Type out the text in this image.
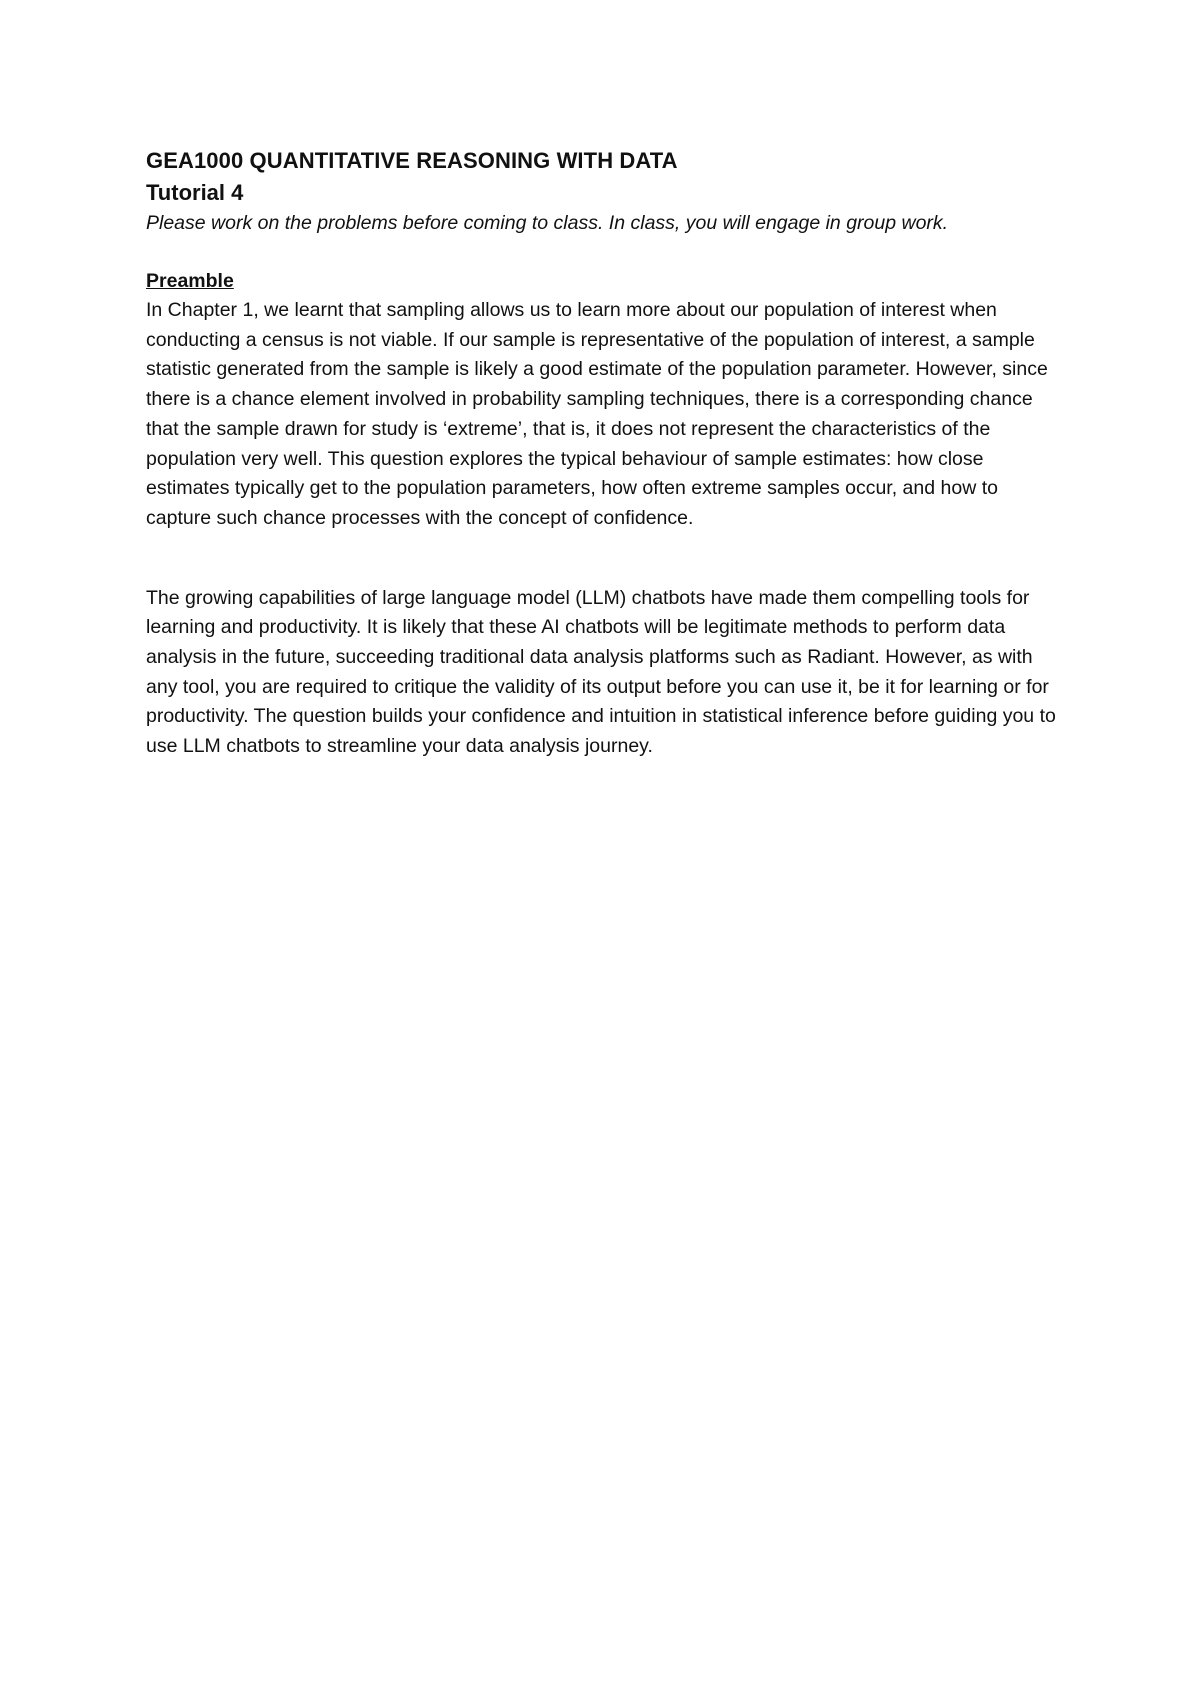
GEA1000 QUANTITATIVE REASONING WITH DATA
Tutorial 4

Please work on the problems before coming to class. In class, you will engage in group work.

Preamble

In Chapter 1, we learnt that sampling allows us to learn more about our population of interest when conducting a census is not viable. If our sample is representative of the population of interest, a sample statistic generated from the sample is likely a good estimate of the population parameter. However, since there is a chance element involved in probability sampling techniques, there is a corresponding chance that the sample drawn for study is ‘extreme’, that is, it does not represent the characteristics of the population very well. This question explores the typical behaviour of sample estimates: how close estimates typically get to the population parameters, how often extreme samples occur, and how to capture such chance processes with the concept of confidence.

The growing capabilities of large language model (LLM) chatbots have made them compelling tools for learning and productivity. It is likely that these AI chatbots will be legitimate methods to perform data analysis in the future, succeeding traditional data analysis platforms such as Radiant. However, as with any tool, you are required to critique the validity of its output before you can use it, be it for learning or for productivity. The question builds your confidence and intuition in statistical inference before guiding you to use LLM chatbots to streamline your data analysis journey.
